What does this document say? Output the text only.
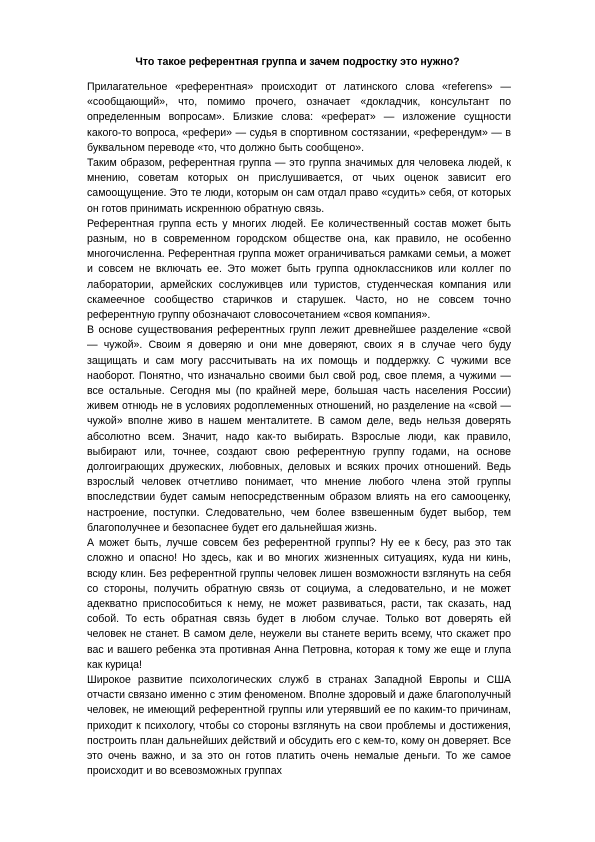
Что такое референтная группа и зачем подростку это нужно?

Прилагательное «референтная» происходит от латинского слова «referens» — «сообщающий», что, помимо прочего, означает «докладчик, консультант по определенным вопросам». Близкие слова: «реферат» — изложение сущности какого-то вопроса, «рефери» — судья в спортивном состязании, «референдум» — в буквальном переводе «то, что должно быть сообщено».

Таким образом, референтная группа — это группа значимых для человека людей, к мнению, советам которых он прислушивается, от чьих оценок зависит его самоощущение. Это те люди, которым он сам отдал право «судить» себя, от которых он готов принимать искреннюю обратную связь.

Референтная группа есть у многих людей. Ее количественный состав может быть разным, но в современном городском обществе она, как правило, не особенно многочисленна. Референтная группа может ограничиваться рамками семьи, а может и совсем не включать ее. Это может быть группа одноклассников или коллег по лаборатории, армейских сослуживцев или туристов, студенческая компания или скамеечное сообщество старичков и старушек. Часто, но не совсем точно референтную группу обозначают словосочетанием «своя компания».

В основе существования референтных групп лежит древнейшее разделение «свой — чужой». Своим я доверяю и они мне доверяют, своих я в случае чего буду защищать и сам могу рассчитывать на их помощь и поддержку. С чужими все наоборот. Понятно, что изначально своими был свой род, свое племя, а чужими — все остальные. Сегодня мы (по крайней мере, большая часть населения России) живем отнюдь не в условиях родоплеменных отношений, но разделение на «свой — чужой» вполне живо в нашем менталитете. В самом деле, ведь нельзя доверять абсолютно всем. Значит, надо как-то выбирать. Взрослые люди, как правило, выбирают или, точнее, создают свою референтную группу годами, на основе долгоиграющих дружеских, любовных, деловых и всяких прочих отношений. Ведь взрослый человек отчетливо понимает, что мнение любого члена этой группы впоследствии будет самым непосредственным образом влиять на его самооценку, настроение, поступки. Следовательно, чем более взвешенным будет выбор, тем благополучнее и безопаснее будет его дальнейшая жизнь.

А может быть, лучше совсем без референтной группы? Ну ее к бесу, раз это так сложно и опасно! Но здесь, как и во многих жизненных ситуациях, куда ни кинь, всюду клин. Без референтной группы человек лишен возможности взглянуть на себя со стороны, получить обратную связь от социума, а следовательно, и не может адекватно приспособиться к нему, не может развиваться, расти, так сказать, над собой. То есть обратная связь будет в любом случае. Только вот доверять ей человек не станет. В самом деле, неужели вы станете верить всему, что скажет про вас и вашего ребенка эта противная Анна Петровна, которая к тому же еще и глупа как курица!

Широкое развитие психологических служб в странах Западной Европы и США отчасти связано именно с этим феноменом. Вполне здоровый и даже благополучный человек, не имеющий референтной группы или утерявший ее по каким-то причинам, приходит к психологу, чтобы со стороны взглянуть на свои проблемы и достижения, построить план дальнейших действий и обсудить его с кем-то, кому он доверяет. Все это очень важно, и за это он готов платить очень немалые деньги. То же самое происходит и во всевозможных группах
